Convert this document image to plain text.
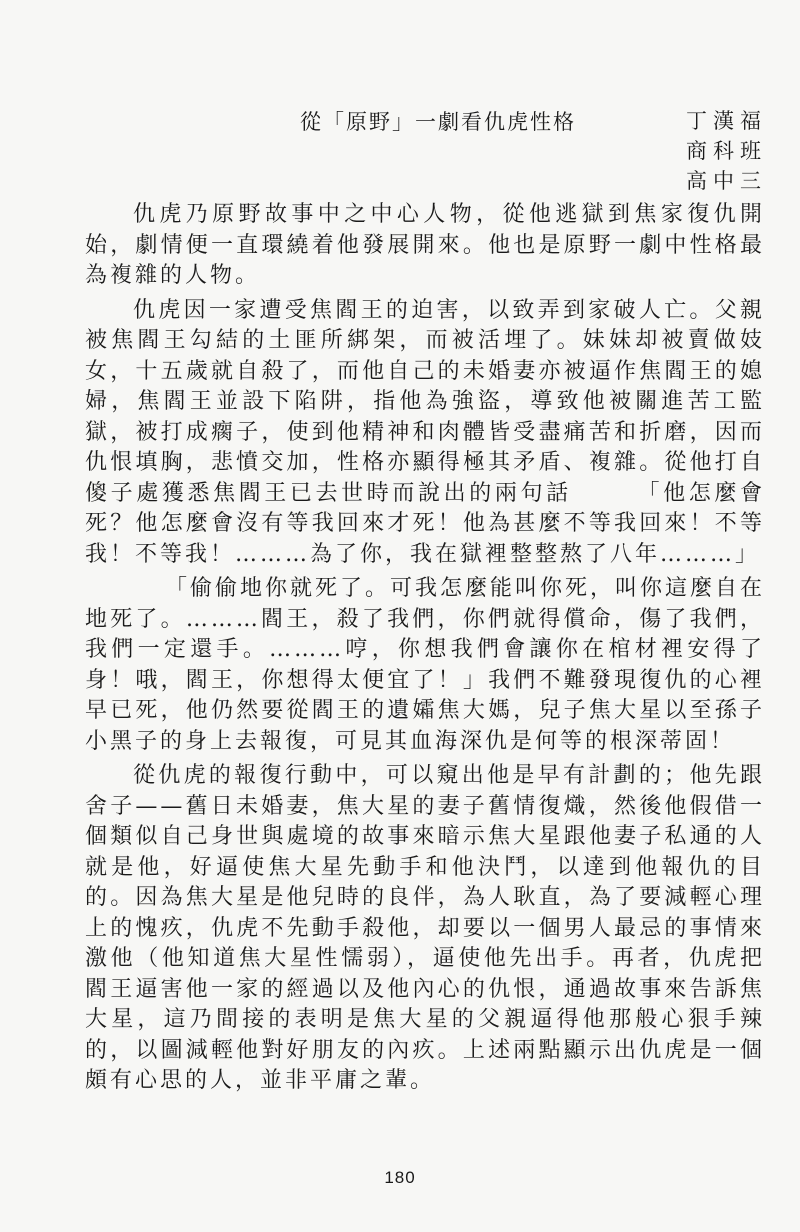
從「原野」一劇看仇虎性格	丁漢福
商科班
高中三

仇虎乃原野故事中之中心人物，從他逃獄到焦家復仇開始，劇情便一直環繞着他發展開來。他也是原野一劇中性格最為複雜的人物。

仇虎因一家遭受焦閻王的迫害，以致弄到家破人亡。父親被焦閻王勾結的土匪所綁架，而被活埋了。妹妹却被賣做妓女，十五歲就自殺了，而他自己的未婚妻亦被逼作焦閻王的媳婦，焦閻王並設下陷阱，指他為強盜，導致他被關進苦工監獄，被打成瘸子，使到他精神和肉體皆受盡痛苦和折磨，因而仇恨填胸，悲憤交加，性格亦顯得極其矛盾、複雜。從他打自傻子處獲悉焦閻王已去世時而說出的兩句話　　　「他怎麼會死？他怎麼會沒有等我回來才死！他為甚麼不等我回來！不等我！不等我！………為了你，我在獄裡整整熬了八年………」

「偷偷地你就死了。可我怎麼能叫你死，叫你這麼自在地死了。………閻王，殺了我們，你們就得償命，傷了我們，我們一定還手。………哼，你想我們會讓你在棺材裡安得了身！哦，閻王，你想得太便宜了！」我們不難發現復仇的心裡早已死，他仍然要從閻王的遺孀焦大媽，兒子焦大星以至孫子小黑子的身上去報復，可見其血海深仇是何等的根深蒂固！

從仇虎的報復行動中，可以窺出他是早有計劃的；他先跟舍子——舊日未婚妻，焦大星的妻子舊情復熾，然後他假借一個類似自己身世與處境的故事來暗示焦大星跟他妻子私通的人就是他，好逼使焦大星先動手和他決鬥，以達到他報仇的目的。因為焦大星是他兒時的良伴，為人耿直，為了要減輕心理上的愧疚，仇虎不先動手殺他，却要以一個男人最忌的事情來激他（他知道焦大星性懦弱），逼使他先出手。再者，仇虎把閻王逼害他一家的經過以及他內心的仇恨，通過故事來告訴焦大星，這乃間接的表明是焦大星的父親逼得他那般心狠手辣的，以圖減輕他對好朋友的內疚。上述兩點顯示出仇虎是一個頗有心思的人，並非平庸之輩。

180
